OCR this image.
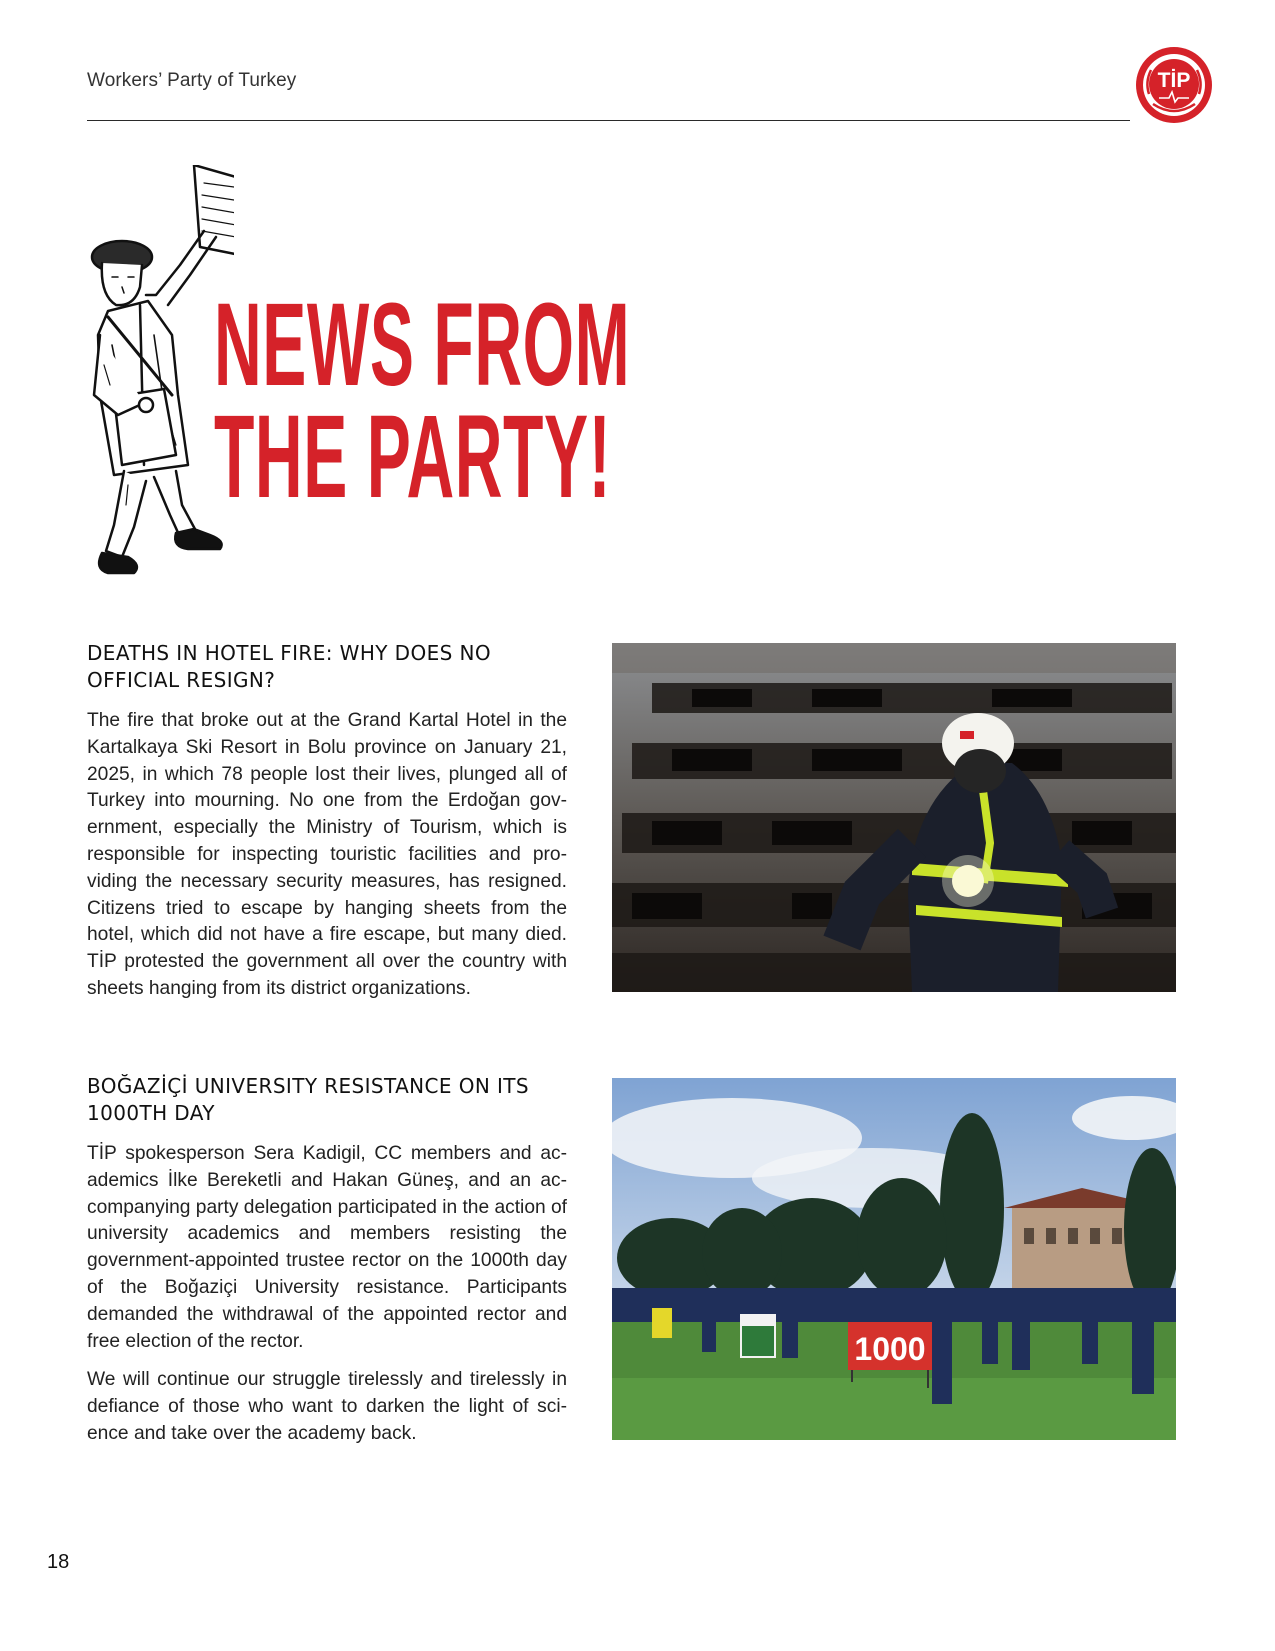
Workers’ Party of Turkey	TİP
NEWS FROM
THE PARTY!
DEATHS IN HOTEL FIRE: WHY DOES NO
OFFICIAL RESIGN?

The fire that broke out at the Grand Kartal Hotel in the Kartalkaya Ski Resort in Bolu province on January 21, 2025, in which 78 people lost their lives, plunged all of Turkey into mourning. No one from the Erdoğan government, especially the Ministry of Tourism, which is responsible for inspecting touristic facilities and providing the necessary security measures, has resigned. Citizens tried to escape by hanging sheets from the hotel, which did not have a fire escape, but many died. TİP protested the government all over the country with sheets hanging from its district organizations.

BOĞAZİÇİ UNIVERSITY RESISTANCE ON ITS
1000TH DAY

TİP spokesperson Sera Kadigil, CC members and academics İlke Bereketli and Hakan Güneş, and an accompanying party delegation participated in the action of university academics and members resisting the government-appointed trustee rector on the 1000th day of the Boğaziçi University resistance. Participants demanded the withdrawal of the appointed rector and free election of the rector.

We will continue our struggle tirelessly and tirelessly in defiance of those who want to darken the light of science and take over the academy back.

1000
18
